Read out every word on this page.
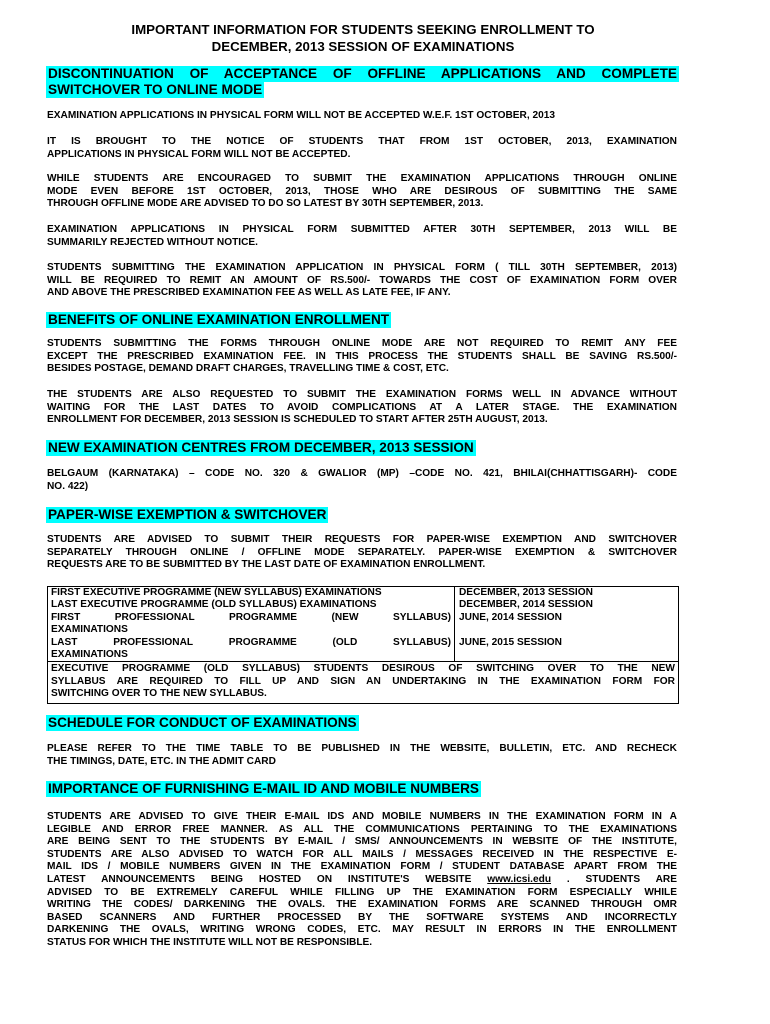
IMPORTANT INFORMATION FOR STUDENTS SEEKING ENROLLMENT TO
DECEMBER, 2013 SESSION OF EXAMINATIONS
DISCONTINUATION OF ACCEPTANCE OF OFFLINE APPLICATIONS AND COMPLETE
SWITCHOVER TO ONLINE MODE
EXAMINATION APPLICATIONS IN PHYSICAL FORM WILL NOT BE ACCEPTED W.E.F. 1ST OCTOBER, 2013
IT IS BROUGHT TO THE NOTICE OF STUDENTS THAT FROM 1ST OCTOBER, 2013, EXAMINATION
APPLICATIONS IN PHYSICAL FORM WILL NOT BE ACCEPTED.
WHILE STUDENTS ARE ENCOURAGED TO SUBMIT THE EXAMINATION APPLICATIONS THROUGH ONLINE
MODE EVEN BEFORE 1ST OCTOBER, 2013, THOSE WHO ARE DESIROUS OF SUBMITTING THE SAME
THROUGH OFFLINE MODE ARE ADVISED TO DO SO LATEST BY 30TH SEPTEMBER, 2013.
EXAMINATION APPLICATIONS IN PHYSICAL FORM SUBMITTED AFTER 30TH SEPTEMBER, 2013 WILL BE
SUMMARILY REJECTED WITHOUT NOTICE.
STUDENTS SUBMITTING THE EXAMINATION APPLICATION IN PHYSICAL FORM ( TILL 30TH SEPTEMBER, 2013)
WILL BE REQUIRED TO REMIT AN AMOUNT OF RS.500/- TOWARDS THE COST OF EXAMINATION FORM OVER
AND ABOVE THE PRESCRIBED EXAMINATION FEE AS WELL AS LATE FEE, IF ANY.
BENEFITS OF ONLINE EXAMINATION ENROLLMENT
STUDENTS SUBMITTING THE FORMS THROUGH ONLINE MODE ARE NOT REQUIRED TO REMIT ANY FEE
EXCEPT THE PRESCRIBED EXAMINATION FEE. IN THIS PROCESS THE STUDENTS SHALL BE SAVING RS.500/-
BESIDES POSTAGE, DEMAND DRAFT CHARGES, TRAVELLING TIME & COST, ETC.
THE STUDENTS ARE ALSO REQUESTED TO SUBMIT THE EXAMINATION FORMS WELL IN ADVANCE WITHOUT
WAITING FOR THE LAST DATES TO AVOID COMPLICATIONS AT A LATER STAGE. THE EXAMINATION
ENROLLMENT FOR DECEMBER, 2013 SESSION IS SCHEDULED TO START AFTER 25TH AUGUST, 2013.
NEW EXAMINATION CENTRES FROM DECEMBER, 2013 SESSION
BELGAUM (KARNATAKA) – CODE NO. 320 & GWALIOR (MP) –CODE NO. 421, BHILAI(CHHATTISGARH)- CODE
NO. 422)
PAPER-WISE EXEMPTION & SWITCHOVER
STUDENTS ARE ADVISED TO SUBMIT THEIR REQUESTS FOR PAPER-WISE EXEMPTION AND SWITCHOVER
SEPARATELY THROUGH ONLINE / OFFLINE MODE SEPARATELY. PAPER-WISE EXEMPTION & SWITCHOVER
REQUESTS ARE TO BE SUBMITTED BY THE LAST DATE OF EXAMINATION ENROLLMENT.
FIRST EXECUTIVE PROGRAMME (NEW SYLLABUS) EXAMINATIONS	DECEMBER, 2013 SESSION
LAST EXECUTIVE PROGRAMME (OLD SYLLABUS) EXAMINATIONS	DECEMBER, 2014 SESSION

FIRST PROFESSIONAL PROGRAMME (NEW SYLLABUS)
EXAMINATIONS	JUNE, 2014 SESSION

LAST PROFESSIONAL PROGRAMME (OLD SYLLABUS)
EXAMINATIONS	JUNE, 2015 SESSION

EXECUTIVE PROGRAMME (OLD SYLLABUS) STUDENTS DESIROUS OF SWITCHING OVER TO THE NEW
SYLLABUS ARE REQUIRED TO FILL UP AND SIGN AN UNDERTAKING IN THE EXAMINATION FORM FOR
SWITCHING OVER TO THE NEW SYLLABUS.	
SCHEDULE FOR CONDUCT OF EXAMINATIONS
PLEASE REFER TO THE TIME TABLE TO BE PUBLISHED IN THE WEBSITE, BULLETIN, ETC. AND RECHECK
THE TIMINGS, DATE, ETC. IN THE ADMIT CARD
IMPORTANCE OF FURNISHING E-MAIL ID AND MOBILE NUMBERS
STUDENTS ARE ADVISED TO GIVE THEIR E-MAIL IDS AND MOBILE NUMBERS IN THE EXAMINATION FORM IN A
LEGIBLE AND ERROR FREE MANNER. AS ALL THE COMMUNICATIONS PERTAINING TO THE EXAMINATIONS
ARE BEING SENT TO THE STUDENTS BY E-MAIL / SMS/ ANNOUNCEMENTS IN WEBSITE OF THE INSTITUTE,
STUDENTS ARE ALSO ADVISED TO WATCH FOR ALL MAILS / MESSAGES RECEIVED IN THE RESPECTIVE E-
MAIL IDS / MOBILE NUMBERS GIVEN IN THE EXAMINATION FORM / STUDENT DATABASE APART FROM THE
LATEST ANNOUNCEMENTS BEING HOSTED ON INSTITUTE'S WEBSITE www.icsi.edu . STUDENTS ARE
ADVISED TO BE EXTREMELY CAREFUL WHILE FILLING UP THE EXAMINATION FORM ESPECIALLY WHILE
WRITING THE CODES/ DARKENING THE OVALS. THE EXAMINATION FORMS ARE SCANNED THROUGH OMR
BASED SCANNERS AND FURTHER PROCESSED BY THE SOFTWARE SYSTEMS AND INCORRECTLY
DARKENING THE OVALS, WRITING WRONG CODES, ETC. MAY RESULT IN ERRORS IN THE ENROLLMENT
STATUS FOR WHICH THE INSTITUTE WILL NOT BE RESPONSIBLE.
